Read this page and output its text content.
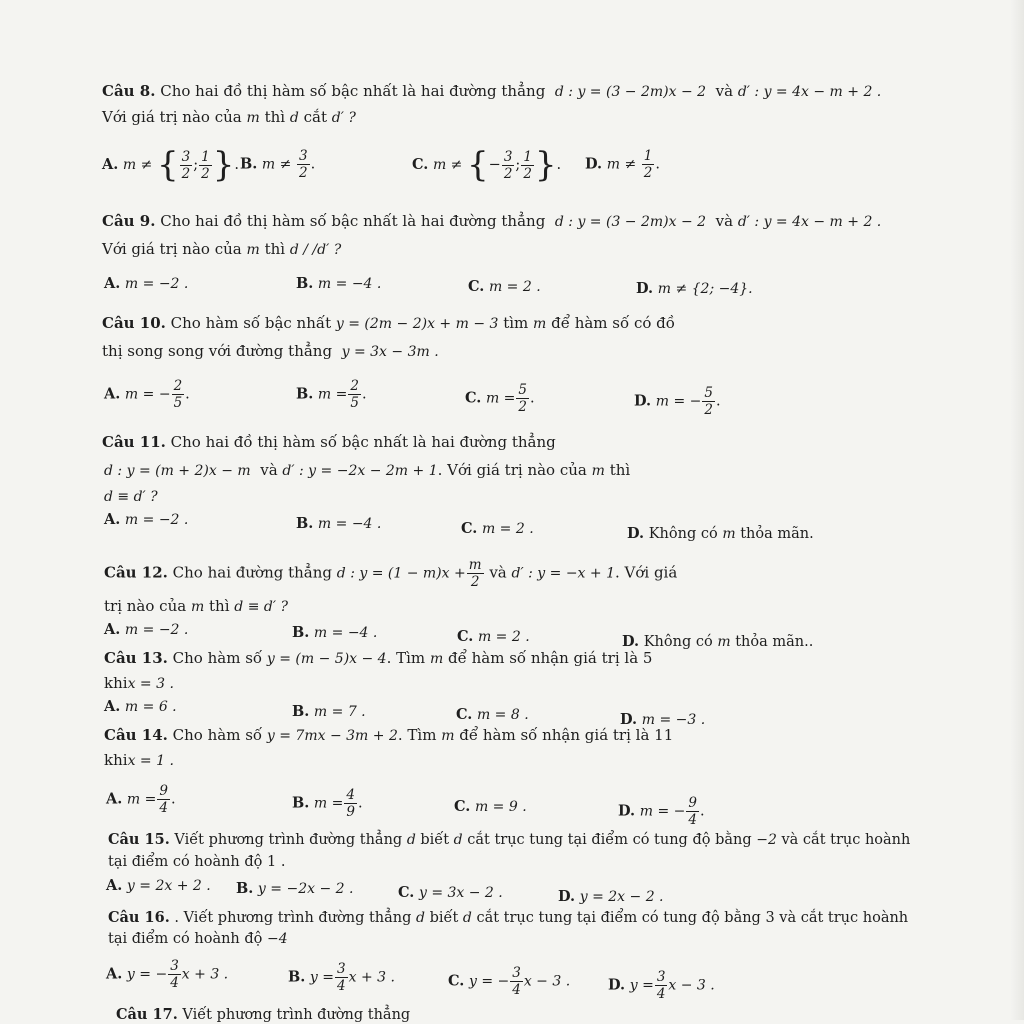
Câu 8. Cho hai đồ thị hàm số bậc nhất là hai đường thẳng d : y = (3 − 2m)x − 2 và d′ : y = 4x − m + 2 .
Với giá trị nào của m thì d cắt d′ ?
A. m ≠ { $\frac{3}{2}$ ; $\frac{1}{2}$ }. B. $m \ne \frac{3}{2}$ .	C. m ≠ {− $\frac{3}{2}$ ; $\frac{1}{2}$ }. D. $m \ne \frac{1}{2}$ .
Câu 9. Cho hai đồ thị hàm số bậc nhất là hai đường thẳng d : y = (3 − 2m)x − 2 và d′ : y = 4x − m + 2 .
Với giá trị nào của m thì d / /d′ ?
A. m = −2 .	B. m = −4 .	C. m = 2 .	D. m ≠ {2; −4}.
Câu 10. Cho hàm số bậc nhất y = (2m − 2)x + m − 3 tìm m để hàm số có đồ
thị song song với đường thẳng y = 3x − 3m .
A. m = − $\frac{2}{5}$ .	B. $m = \frac{2}{5}$ .	C. $m = \frac{5}{2}$ .	D. m = − $\frac{5}{2}$ .
Câu 11. Cho hai đồ thị hàm số bậc nhất là hai đường thẳng
d : y = (m + 2)x − m và d′ : y = −2x − 2m + 1. Với giá trị nào của m thì
d ≡ d′ ?
A. m = −2 .	B. m = −4 .	C. m = 2 .	D. Không có m thỏa mãn.
Câu 12. Cho hai đường thẳng d : $y = (1 - m)x + \frac{m}{2}$ và d′ : y = −x + 1. Với giá
trị nào của m thì d ≡ d′ ?
A. m = −2 .	B. m = −4 .	C. m = 2 .	D. Không có m thỏa mãn..
Câu 13. Cho hàm số y = (m − 5)x − 4. Tìm m để hàm số nhận giá trị là 5
khix = 3 .
A. m = 6 .	B. m = 7 .	C. m = 8 .	D. m = −3 .
Câu 14. Cho hàm số y = 7mx − 3m + 2. Tìm m để hàm số nhận giá trị là 11
khix = 1 .
A. $m = \frac{9}{4}$ .	B. $m = \frac{4}{9}$ .	C. m = 9 .	D. m = − $\frac{9}{4}$ .
Câu 15. Viết phương trình đường thẳng d biết d cắt trục tung tại điểm có tung độ bằng −2 và cắt trục hoành
tại điểm có hoành độ 1 .
A. y = 2x + 2 . B. y = −2x − 2 .	C. y = 3x − 2 .	D. y = 2x − 2 .
Câu 16. . Viết phương trình đường thẳng d biết d cắt trục tung tại điểm có tung độ bằng 3 và cắt trục hoành
tại điểm có hoành độ −4
A. y = − $\frac{3}{4}$ x + 3 .	B. $y = \frac{3}{4}$ x + 3 .	C. y = − $\frac{3}{4}$ x − 3 .	D. $y = \frac{3}{4}$ x − 3 .
Câu 17. Viết phương trình đường thẳng
